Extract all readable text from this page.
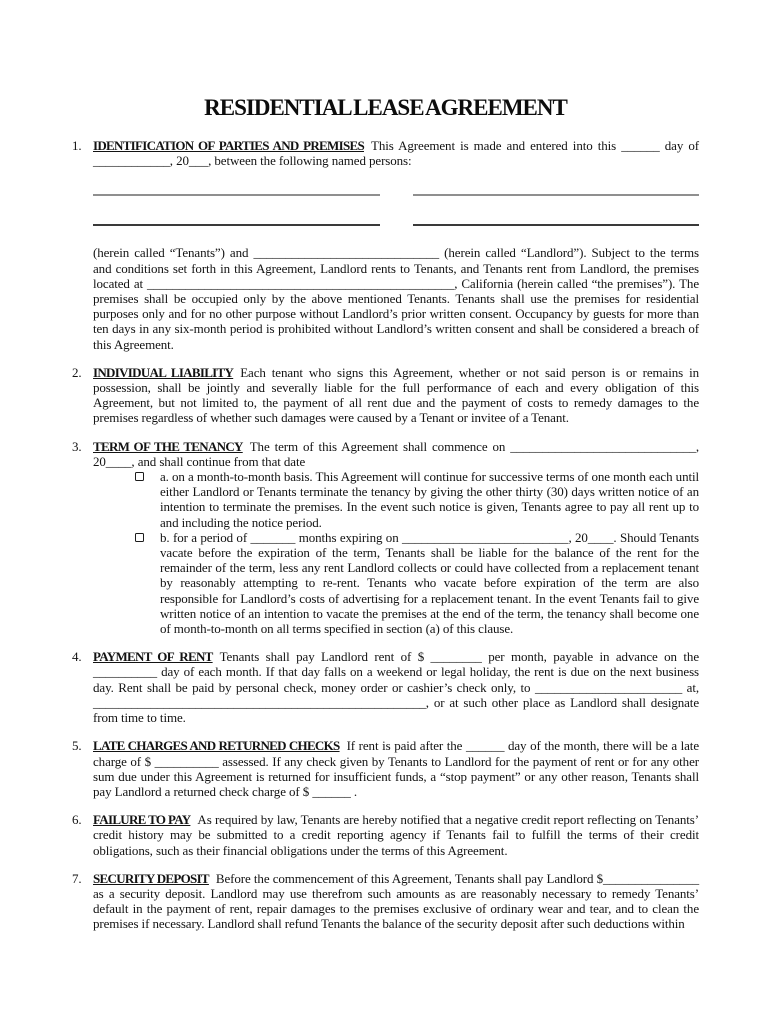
RESIDENTIAL LEASE AGREEMENT
1. IDENTIFICATION OF PARTIES AND PREMISES This Agreement is made and entered into this ______ day of ____________, 20___, between the following named persons:

(herein called “Tenants”) and _____________________________ (herein called “Landlord”). Subject to the terms and conditions set forth in this Agreement, Landlord rents to Tenants, and Tenants rent from Landlord, the premises located at ________________________________________________, California (herein called “the premises”). The premises shall be occupied only by the above mentioned Tenants. Tenants shall use the premises for residential purposes only and for no other purpose without Landlord’s prior written consent. Occupancy by guests for more than ten days in any six-month period is prohibited without Landlord’s written consent and shall be considered a breach of this Agreement.

2. INDIVIDUAL LIABILITY Each tenant who signs this Agreement, whether or not said person is or remains in possession, shall be jointly and severally liable for the full performance of each and every obligation of this Agreement, but not limited to, the payment of all rent due and the payment of costs to remedy damages to the premises regardless of whether such damages were caused by a Tenant or invitee of a Tenant.

3. TERM OF THE TENANCY The term of this Agreement shall commence on _____________________________, 20____, and shall continue from that date

a. on a month-to-month basis. This Agreement will continue for successive terms of one month each until either Landlord or Tenants terminate the tenancy by giving the other thirty (30) days written notice of an intention to terminate the premises. In the event such notice is given, Tenants agree to pay all rent up to and including the notice period.

b. for a period of _______ months expiring on __________________________, 20____. Should Tenants vacate before the expiration of the term, Tenants shall be liable for the balance of the rent for the remainder of the term, less any rent Landlord collects or could have collected from a replacement tenant by reasonably attempting to re-rent. Tenants who vacate before expiration of the term are also responsible for Landlord’s costs of advertising for a replacement tenant. In the event Tenants fail to give written notice of an intention to vacate the premises at the end of the term, the tenancy shall become one of month-to-month on all terms specified in section (a) of this clause.

4. PAYMENT OF RENT Tenants shall pay Landlord rent of $ ________ per month, payable in advance on the __________ day of each month. If that day falls on a weekend or legal holiday, the rent is due on the next business day. Rent shall be paid by personal check, money order or cashier’s check only, to _______________________ at, ____________________________________________________, or at such other place as Landlord shall designate from time to time.

5. LATE CHARGES AND RETURNED CHECKS If rent is paid after the ______ day of the month, there will be a late charge of $ __________ assessed. If any check given by Tenants to Landlord for the payment of rent or for any other sum due under this Agreement is returned for insufficient funds, a “stop payment” or any other reason, Tenants shall pay Landlord a returned check charge of $ ______ .

6. FAILURE TO PAY As required by law, Tenants are hereby notified that a negative credit report reflecting on Tenants’ credit history may be submitted to a credit reporting agency if Tenants fail to fulfill the terms of their credit obligations, such as their financial obligations under the terms of this Agreement.

7. SECURITY DEPOSIT Before the commencement of this Agreement, Tenants shall pay Landlord $_______________ as a security deposit. Landlord may use therefrom such amounts as are reasonably necessary to remedy Tenants’ default in the payment of rent, repair damages to the premises exclusive of ordinary wear and tear, and to clean the premises if necessary. Landlord shall refund Tenants the balance of the security deposit after such deductions within
